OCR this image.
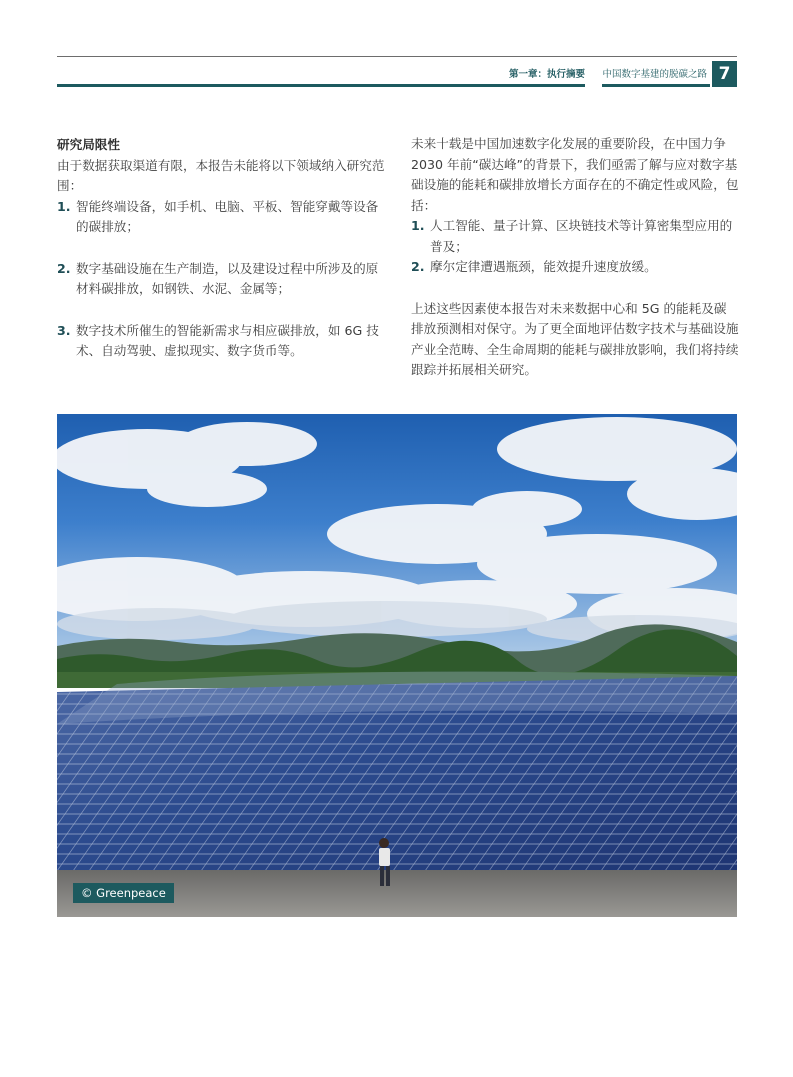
第一章：执行摘要 中国数字基建的脱碳之路 7
研究局限性
由于数据获取渠道有限，本报告未能将以下领域纳入研究范围：
1. 智能终端设备，如手机、电脑、平板、智能穿戴等设备的碳排放；
2. 数字基础设施在生产制造，以及建设过程中所涉及的原材料碳排放，如钢铁、水泥、金属等；
3. 数字技术所催生的智能新需求与相应碳排放，如 6G 技术、自动驾驶、虚拟现实、数字货币等。
未来十载是中国加速数字化发展的重要阶段，在中国力争 2030 年前“碳达峰”的背景下，我们亟需了解与应对数字基础设施的能耗和碳排放增长方面存在的不确定性或风险，包括：
1. 人工智能、量子计算、区块链技术等计算密集型应用的普及；
2. 摩尔定律遭遇瓶颈，能效提升速度放缓。
上述这些因素使本报告对未来数据中心和 5G 的能耗及碳排放预测相对保守。为了更全面地评估数字技术与基础设施产业全范畴、全生命周期的能耗与碳排放影响，我们将持续跟踪并拓展相关研究。
© Greenpeace
